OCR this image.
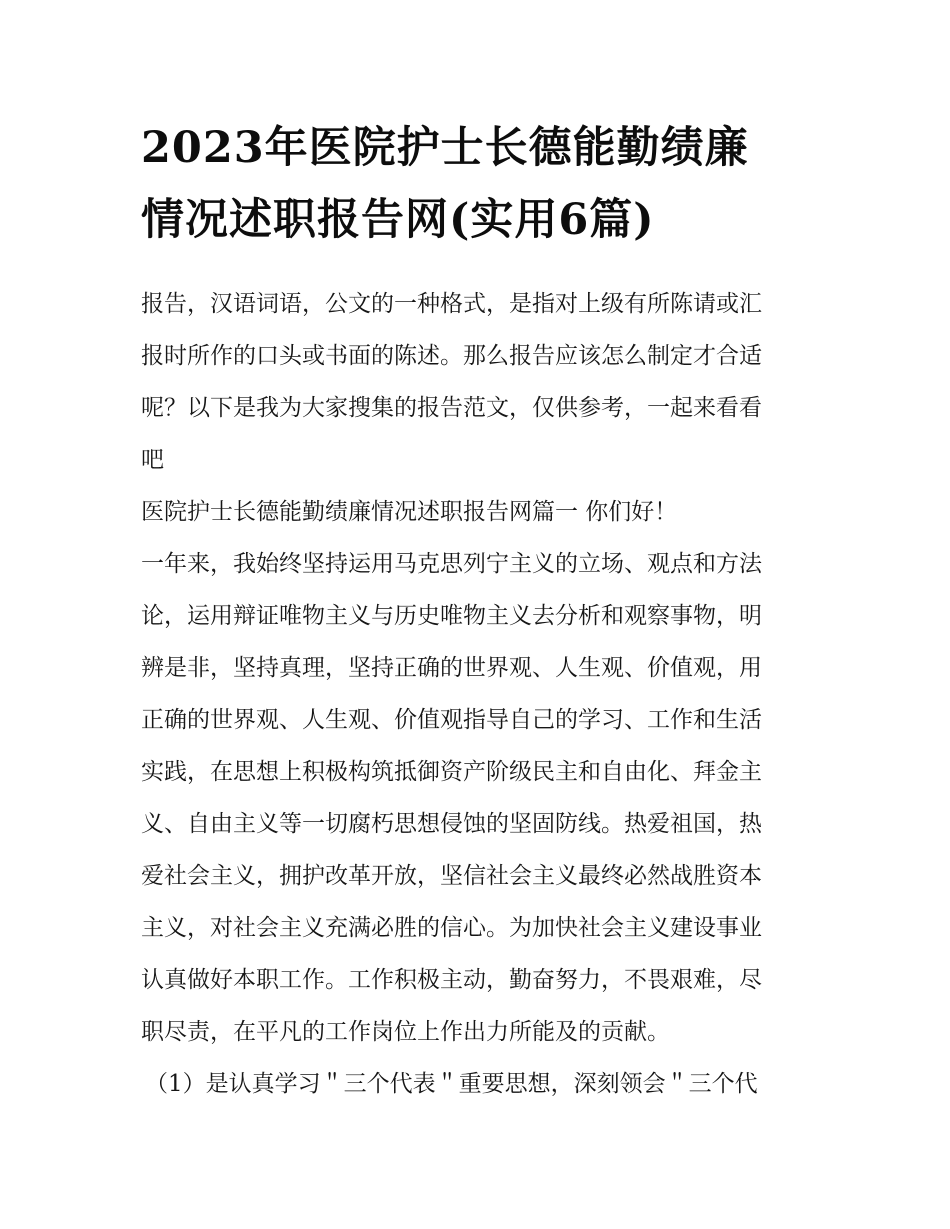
2023年医院护士长德能勤绩廉
情况述职报告网(实用6篇)
报告，汉语词语，公文的一种格式，是指对上级有所陈请或汇
报时所作的口头或书面的陈述。那么报告应该怎么制定才合适
呢？以下是我为大家搜集的报告范文，仅供参考，一起来看看
吧
医院护士长德能勤绩廉情况述职报告网篇一 你们好！
一年来，我始终坚持运用马克思列宁主义的立场、观点和方法
论，运用辩证唯物主义与历史唯物主义去分析和观察事物，明
辨是非，坚持真理，坚持正确的世界观、人生观、价值观，用
正确的世界观、人生观、价值观指导自己的学习、工作和生活
实践，在思想上积极构筑抵御资产阶级民主和自由化、拜金主
义、自由主义等一切腐朽思想侵蚀的坚固防线。热爱祖国，热
爱社会主义，拥护改革开放，坚信社会主义最终必然战胜资本
主义，对社会主义充满必胜的信心。为加快社会主义建设事业
认真做好本职工作。工作积极主动，勤奋努力，不畏艰难，尽
职尽责，在平凡的工作岗位上作出力所能及的贡献。
（1）是认真学习＂三个代表＂重要思想，深刻领会＂三个代
